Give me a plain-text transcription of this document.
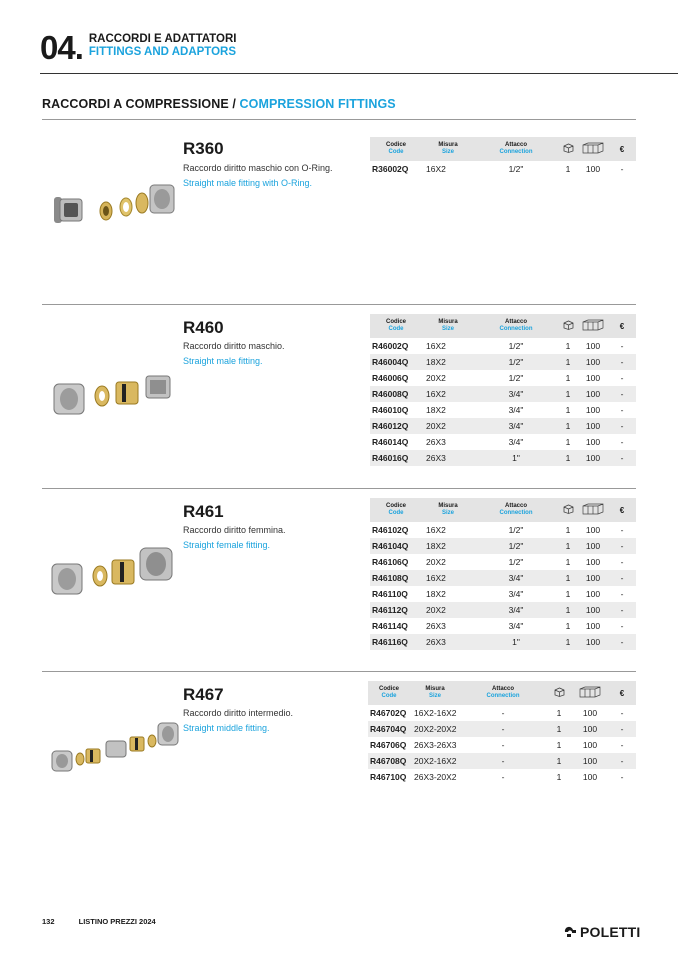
04. RACCORDI E ADATTATORI
FITTINGS AND ADAPTORS
RACCORDI A COMPRESSIONE / COMPRESSION FITTINGS
R360
Raccordo diritto maschio con O-Ring.
Straight male fitting with O-Ring.
Codice
Code	Misura
Size	Attacco
Connection			€
R36002Q	16X2	1/2"	1	100	-
R460
Raccordo diritto maschio.
Straight male fitting.
Codice
Code	Misura
Size	Attacco
Connection			€
R46002Q	16X2	1/2"	1	100	-
R46004Q	18X2	1/2"	1	100	-
R46006Q	20X2	1/2"	1	100	-
R46008Q	16X2	3/4"	1	100	-
R46010Q	18X2	3/4"	1	100	-
R46012Q	20X2	3/4"	1	100	-
R46014Q	26X3	3/4"	1	100	-
R46016Q	26X3	1"	1	100	-
R461
Raccordo diritto femmina.
Straight female fitting.
Codice
Code	Misura
Size	Attacco
Connection			€
R46102Q	16X2	1/2"	1	100	-
R46104Q	18X2	1/2"	1	100	-
R46106Q	20X2	1/2"	1	100	-
R46108Q	16X2	3/4"	1	100	-
R46110Q	18X2	3/4"	1	100	-
R46112Q	20X2	3/4"	1	100	-
R46114Q	26X3	3/4"	1	100	-
R46116Q	26X3	1"	1	100	-
R467
Raccordo diritto intermedio.
Straight middle fitting.
Codice
Code	Misura
Size	Attacco
Connection			€
R46702Q	16X2-16X2	-	1	100	-
R46704Q	20X2-20X2	-	1	100	-
R46706Q	26X3-26X3	-	1	100	-
R46708Q	20X2-16X2	-	1	100	-
R46710Q	26X3-20X2	-	1	100	-
132	LISTINO PREZZI 2024
POLETTI
